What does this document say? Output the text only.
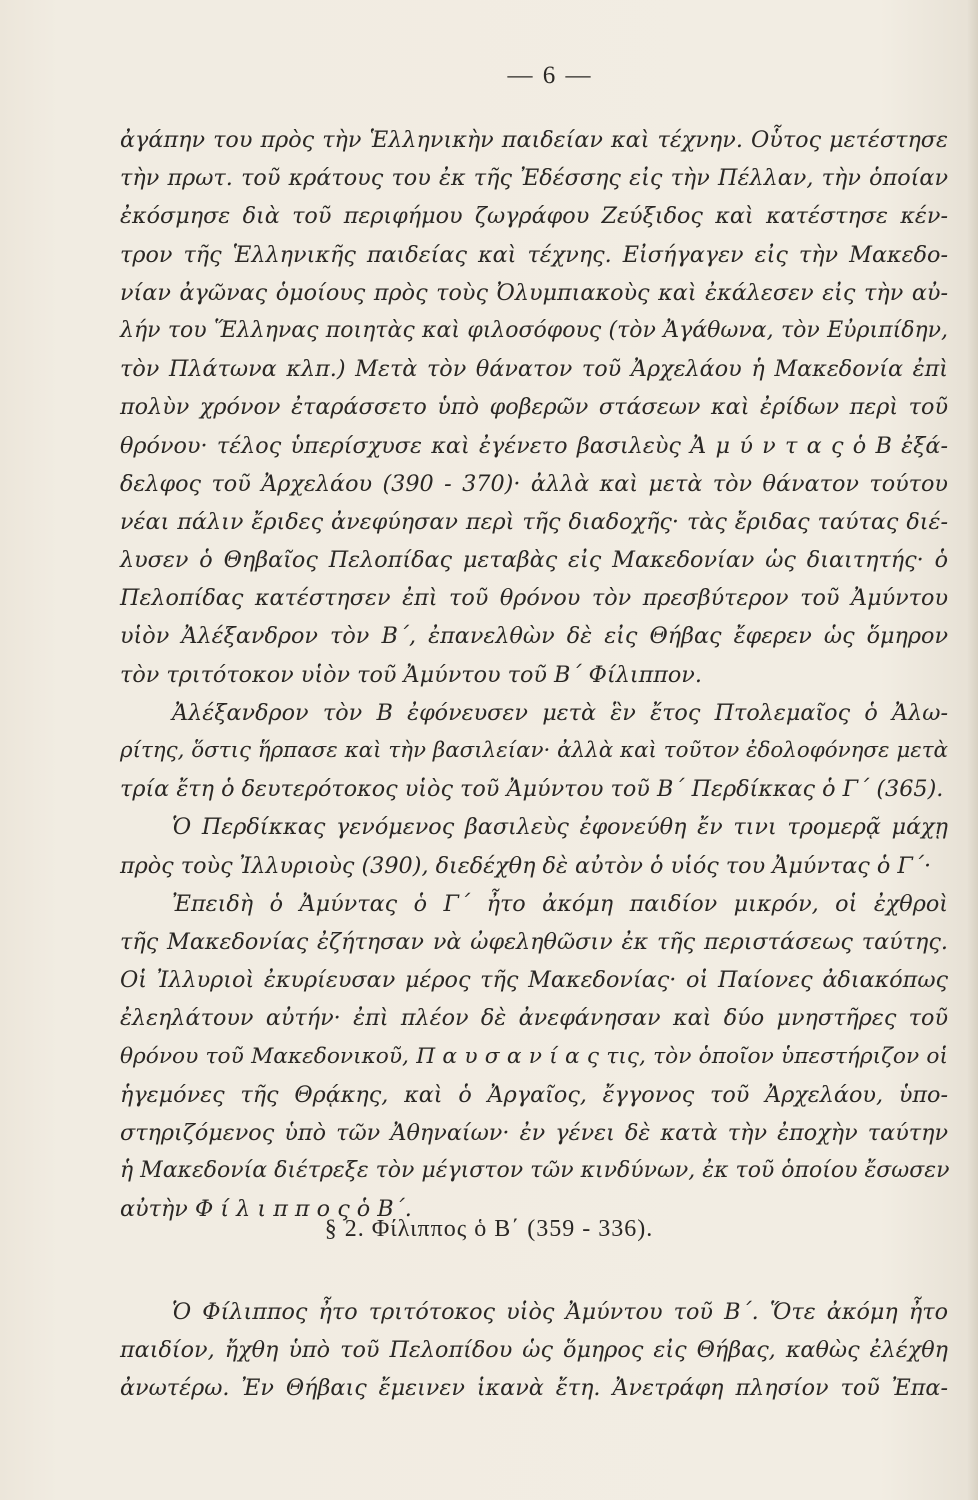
— 6 —
ἀγάπην του πρὸς τὴν Ἑλληνικὴν παιδείαν καὶ τέχνην. Οὗτος μετέστησε
τὴν πρωτ. τοῦ κράτους του ἐκ τῆς Ἐδέσσης εἰς τὴν Πέλλαν, τὴν ὁποίαν
ἐκόσμησε διὰ τοῦ περιφήμου ζωγράφου Ζεύξιδος καὶ κατέστησε κέν-
τρον τῆς Ἑλληνικῆς παιδείας καὶ τέχνης. Εἰσήγαγεν εἰς τὴν Μακεδο-
νίαν ἀγῶνας ὁμοίους πρὸς τοὺς Ὀλυμπιακοὺς καὶ ἐκάλεσεν εἰς τὴν αὐ-
λήν του Ἕλληνας ποιητὰς καὶ φιλοσόφους (τὸν Ἀγάθωνα, τὸν Εὐριπίδην,
τὸν Πλάτωνα κλπ.) Μετὰ τὸν θάνατον τοῦ Ἀρχελάου ἡ Μακεδονία ἐπὶ
πολὺν χρόνον ἐταράσσετο ὑπὸ φοβερῶν στάσεων καὶ ἐρίδων περὶ τοῦ
θρόνου· τέλος ὑπερίσχυσε καὶ ἐγένετο βασιλεὺς Ἀ μ ύ ν τ α ς ὁ Β ἐξά-
δελφος τοῦ Ἀρχελάου (390 - 370)· ἀλλὰ καὶ μετὰ τὸν θάνατον τούτου
νέαι πάλιν ἔριδες ἀνεφύησαν περὶ τῆς διαδοχῆς· τὰς ἔριδας ταύτας διέ-
λυσεν ὁ Θηβαῖος Πελοπίδας μεταβὰς εἰς Μακεδονίαν ὡς διαιτητής· ὁ
Πελοπίδας κατέστησεν ἐπὶ τοῦ θρόνου τὸν πρεσβύτερον τοῦ Ἀμύντου
υἱὸν Ἀλέξανδρον τὸν Β΄, ἐπανελθὼν δὲ εἰς Θήβας ἔφερεν ὡς ὅμηρον
τὸν τριτότοκον υἱὸν τοῦ Ἀμύντου τοῦ Β΄ Φίλιππον.
Ἀλέξανδρον τὸν Β ἐφόνευσεν μετὰ ἓν ἔτος Πτολεμαῖος ὁ Ἀλω-
ρίτης, ὅστις ἥρπασε καὶ τὴν βασιλείαν· ἀλλὰ καὶ τοῦτον ἐδολοφόνησε μετὰ
τρία ἔτη ὁ δευτερότοκος υἱὸς τοῦ Ἀμύντου τοῦ Β΄ Περδίκκας ὁ Γ΄ (365).
Ὁ Περδίκκας γενόμενος βασιλεὺς ἐφονεύθη ἔν τινι τρομερᾷ μάχῃ
πρὸς τοὺς Ἰλλυριοὺς (390), διεδέχθη δὲ αὐτὸν ὁ υἱός του Ἀμύντας ὁ Γ΄·
Ἐπειδὴ ὁ Ἀμύντας ὁ Γ΄ ἦτο ἀκόμη παιδίον μικρόν, οἱ ἐχθροὶ
τῆς Μακεδονίας ἐζήτησαν νὰ ὠφεληθῶσιν ἐκ τῆς περιστάσεως ταύτης.
Οἱ Ἰλλυριοὶ ἐκυρίευσαν μέρος τῆς Μακεδονίας· οἱ Παίονες ἀδιακόπως
ἐλεηλάτουν αὐτήν· ἐπὶ πλέον δὲ ἀνεφάνησαν καὶ δύο μνηστῆρες τοῦ
θρόνου τοῦ Μακεδονικοῦ, Π α υ σ α ν ί α ς τις, τὸν ὁποῖον ὑπεστήριζον οἱ
ἡγεμόνες τῆς Θρᾴκης, καὶ ὁ Ἀργαῖος, ἔγγονος τοῦ Ἀρχελάου, ὑπο-
στηριζόμενος ὑπὸ τῶν Ἀθηναίων· ἐν γένει δὲ κατὰ τὴν ἐποχὴν ταύτην
ἡ Μακεδονία διέτρεξε τὸν μέγιστον τῶν κινδύνων, ἐκ τοῦ ὁποίου ἔσωσεν
αὐτὴν Φ ί λ ι π π ο ς ὁ Β΄.
§ 2. Φίλιππος ὁ Β΄ (359 - 336).
Ὁ Φίλιππος ἦτο τριτότοκος υἱὸς Ἀμύντου τοῦ Β΄. Ὅτε ἀκόμη ἦτο
παιδίον, ἤχθη ὑπὸ τοῦ Πελοπίδου ὡς ὅμηρος εἰς Θήβας, καθὼς ἐλέχθη
ἀνωτέρω. Ἐν Θήβαις ἔμεινεν ἱκανὰ ἔτη. Ἀνετράφη πλησίον τοῦ Ἐπα-
